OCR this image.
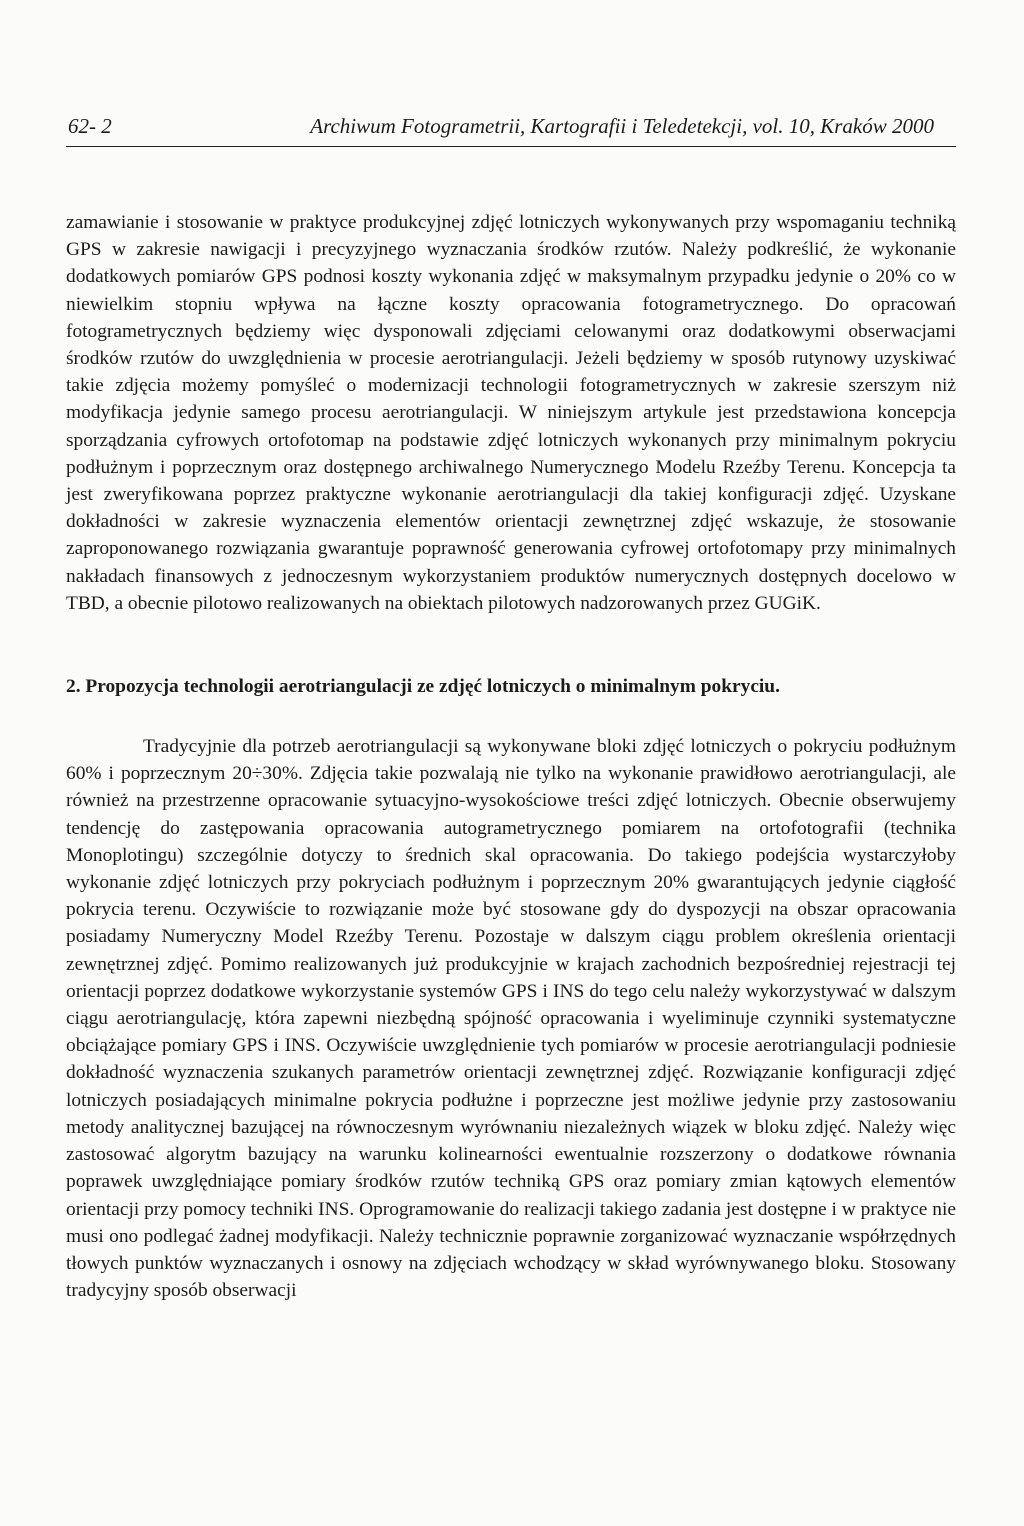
62- 2	Archiwum Fotogrametrii, Kartografii i Teledetekcji, vol. 10, Kraków 2000

zamawianie i stosowanie w praktyce produkcyjnej zdjęć lotniczych wykonywanych przy wspomaganiu techniką GPS w zakresie nawigacji i precyzyjnego wyznaczania środków rzutów. Należy podkreślić, że wykonanie dodatkowych pomiarów GPS podnosi koszty wykonania zdjęć w maksymalnym przypadku jedynie o 20% co w niewielkim stopniu wpływa na łączne koszty opracowania fotogrametrycznego. Do opracowań fotogrametrycznych będziemy więc dysponowali zdjęciami celowanymi oraz dodatkowymi obserwacjami środków rzutów do uwzględnienia w procesie aerotriangulacji. Jeżeli będziemy w sposób rutynowy uzyskiwać takie zdjęcia możemy pomyśleć o modernizacji technologii fotogrametrycznych w zakresie szerszym niż modyfikacja jedynie samego procesu aerotriangulacji. W niniejszym artykule jest przedstawiona koncepcja sporządzania cyfrowych ortofotomap na podstawie zdjęć lotniczych wykonanych przy minimalnym pokryciu podłużnym i poprzecznym oraz dostępnego archiwalnego Numerycznego Modelu Rzeźby Terenu. Koncepcja ta jest zweryfikowana poprzez praktyczne wykonanie aerotriangulacji dla takiej konfiguracji zdjęć. Uzyskane dokładności w zakresie wyznaczenia elementów orientacji zewnętrznej zdjęć wskazuje, że stosowanie zaproponowanego rozwiązania gwarantuje poprawność generowania cyfrowej ortofotomapy przy minimalnych nakładach finansowych z jednoczesnym wykorzystaniem produktów numerycznych dostępnych docelowo w TBD, a obecnie pilotowo realizowanych na obiektach pilotowych nadzorowanych przez GUGiK.

2. Propozycja technologii aerotriangulacji ze zdjęć lotniczych o minimalnym pokryciu.

Tradycyjnie dla potrzeb aerotriangulacji są wykonywane bloki zdjęć lotniczych o pokryciu podłużnym 60% i poprzecznym 20÷30%. Zdjęcia takie pozwalają nie tylko na wykonanie prawidłowo aerotriangulacji, ale również na przestrzenne opracowanie sytuacyjno-wysokościowe treści zdjęć lotniczych. Obecnie obserwujemy tendencję do zastępowania opracowania autogrametrycznego pomiarem na ortofotografii (technika Monoplotingu) szczególnie dotyczy to średnich skal opracowania. Do takiego podejścia wystarczyłoby wykonanie zdjęć lotniczych przy pokryciach podłużnym i poprzecznym 20% gwarantujących jedynie ciągłość pokrycia terenu. Oczywiście to rozwiązanie może być stosowane gdy do dyspozycji na obszar opracowania posiadamy Numeryczny Model Rzeźby Terenu. Pozostaje w dalszym ciągu problem określenia orientacji zewnętrznej zdjęć. Pomimo realizowanych już produkcyjnie w krajach zachodnich bezpośredniej rejestracji tej orientacji poprzez dodatkowe wykorzystanie systemów GPS i INS do tego celu należy wykorzystywać w dalszym ciągu aerotriangulację, która zapewni niezbędną spójność opracowania i wyeliminuje czynniki systematyczne obciążające pomiary GPS i INS. Oczywiście uwzględnienie tych pomiarów w procesie aerotriangulacji podniesie dokładność wyznaczenia szukanych parametrów orientacji zewnętrznej zdjęć. Rozwiązanie konfiguracji zdjęć lotniczych posiadających minimalne pokrycia podłużne i poprzeczne jest możliwe jedynie przy zastosowaniu metody analitycznej bazującej na równoczesnym wyrównaniu niezależnych wiązek w bloku zdjęć. Należy więc zastosować algorytm bazujący na warunku kolinearności ewentualnie rozszerzony o dodatkowe równania poprawek uwzględniające pomiary środków rzutów techniką GPS oraz pomiary zmian kątowych elementów orientacji przy pomocy techniki INS. Oprogramowanie do realizacji takiego zadania jest dostępne i w praktyce nie musi ono podlegać żadnej modyfikacji. Należy technicznie poprawnie zorganizować wyznaczanie współrzędnych tłowych punktów wyznaczanych i osnowy na zdjęciach wchodzący w skład wyrównywanego bloku. Stosowany tradycyjny sposób obserwacji
